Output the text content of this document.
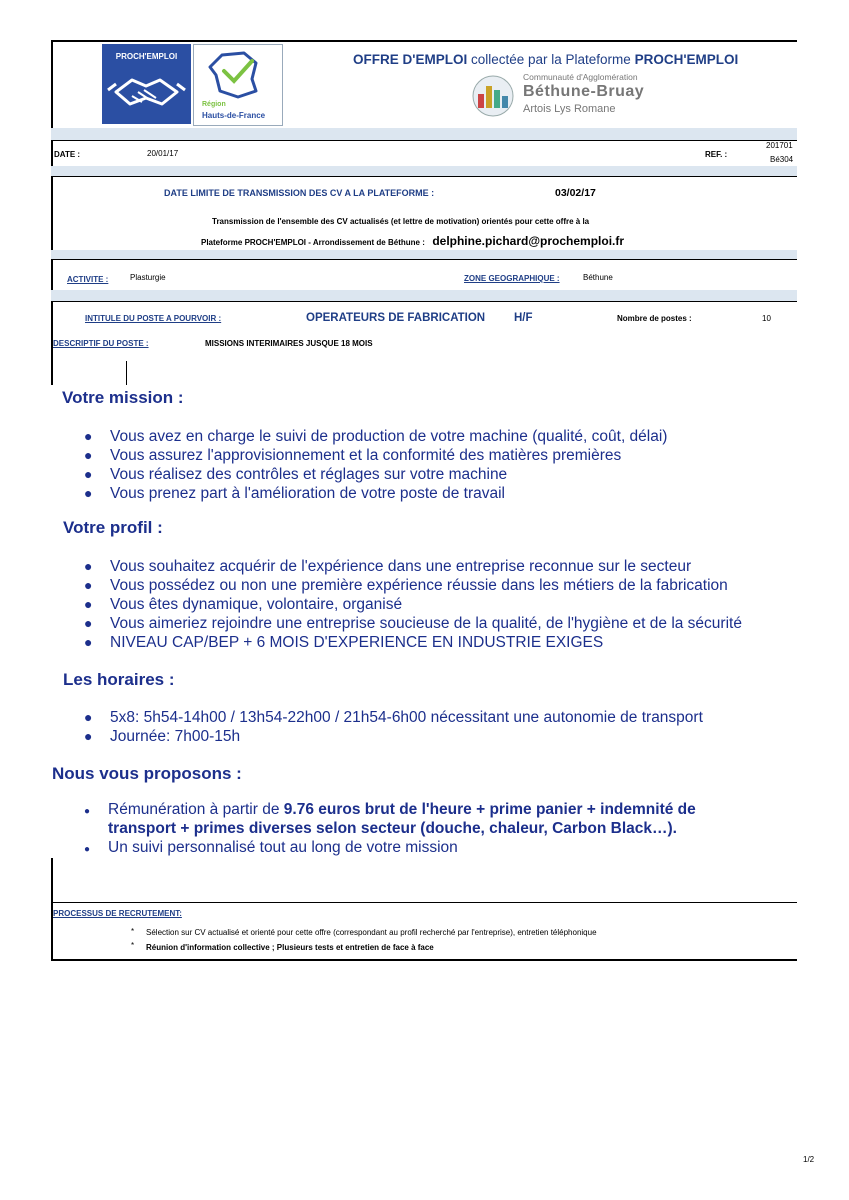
PROCH'EMPLOI
Région
Hauts-de-France
OFFRE D'EMPLOI collectée par la Plateforme PROCH'EMPLOI
Communauté d'Agglomération
Béthune-Bruay
Artois Lys Romane
DATE :	20/01/17	REF. :
201701
Bé304
DATE LIMITE DE TRANSMISSION DES CV A LA PLATEFORME :	03/02/17
Transmission de l'ensemble des CV actualisés (et lettre de motivation) orientés pour cette offre à la
Plateforme PROCH'EMPLOI - Arrondissement de Béthune : delphine.pichard@prochemploi.fr
ACTIVITE :	Plasturgie	ZONE GEOGRAPHIQUE :	Béthune
INTITULE DU POSTE A POURVOIR :	OPERATEURS DE FABRICATION	H/F	Nombre de postes :	10
DESCRIPTIF DU POSTE :	MISSIONS INTERIMAIRES JUSQUE 18 MOIS
Votre mission :
● Vous avez en charge le suivi de production de votre machine (qualité, coût, délai)
● Vous assurez l'approvisionnement et la conformité des matières premières
● Vous réalisez des contrôles et réglages sur votre machine
● Vous prenez part à l'amélioration de votre poste de travail
Votre profil :
● Vous souhaitez acquérir de l'expérience dans une entreprise reconnue sur le secteur
● Vous possédez ou non une première expérience réussie dans les métiers de la fabrication
● Vous êtes dynamique, volontaire, organisé
● Vous aimeriez rejoindre une entreprise soucieuse de la qualité, de l'hygiène et de la sécurité
● NIVEAU CAP/BEP + 6 MOIS D'EXPERIENCE EN INDUSTRIE EXIGES
Les horaires :
● 5x8: 5h54-14h00 / 13h54-22h00 / 21h54-6h00 nécessitant une autonomie de transport
● Journée: 7h00-15h
Nous vous proposons :
● Rémunération à partir de 9.76 euros brut de l'heure + prime panier + indemnité de
transport + primes diverses selon secteur (douche, chaleur, Carbon Black…).
● Un suivi personnalisé tout au long de votre mission
PROCESSUS DE RECRUTEMENT:
* Sélection sur CV actualisé et orienté pour cette offre (correspondant au profil recherché par l'entreprise), entretien téléphonique
* Réunion d'information collective ; Plusieurs tests et entretien de face à face
1/2
